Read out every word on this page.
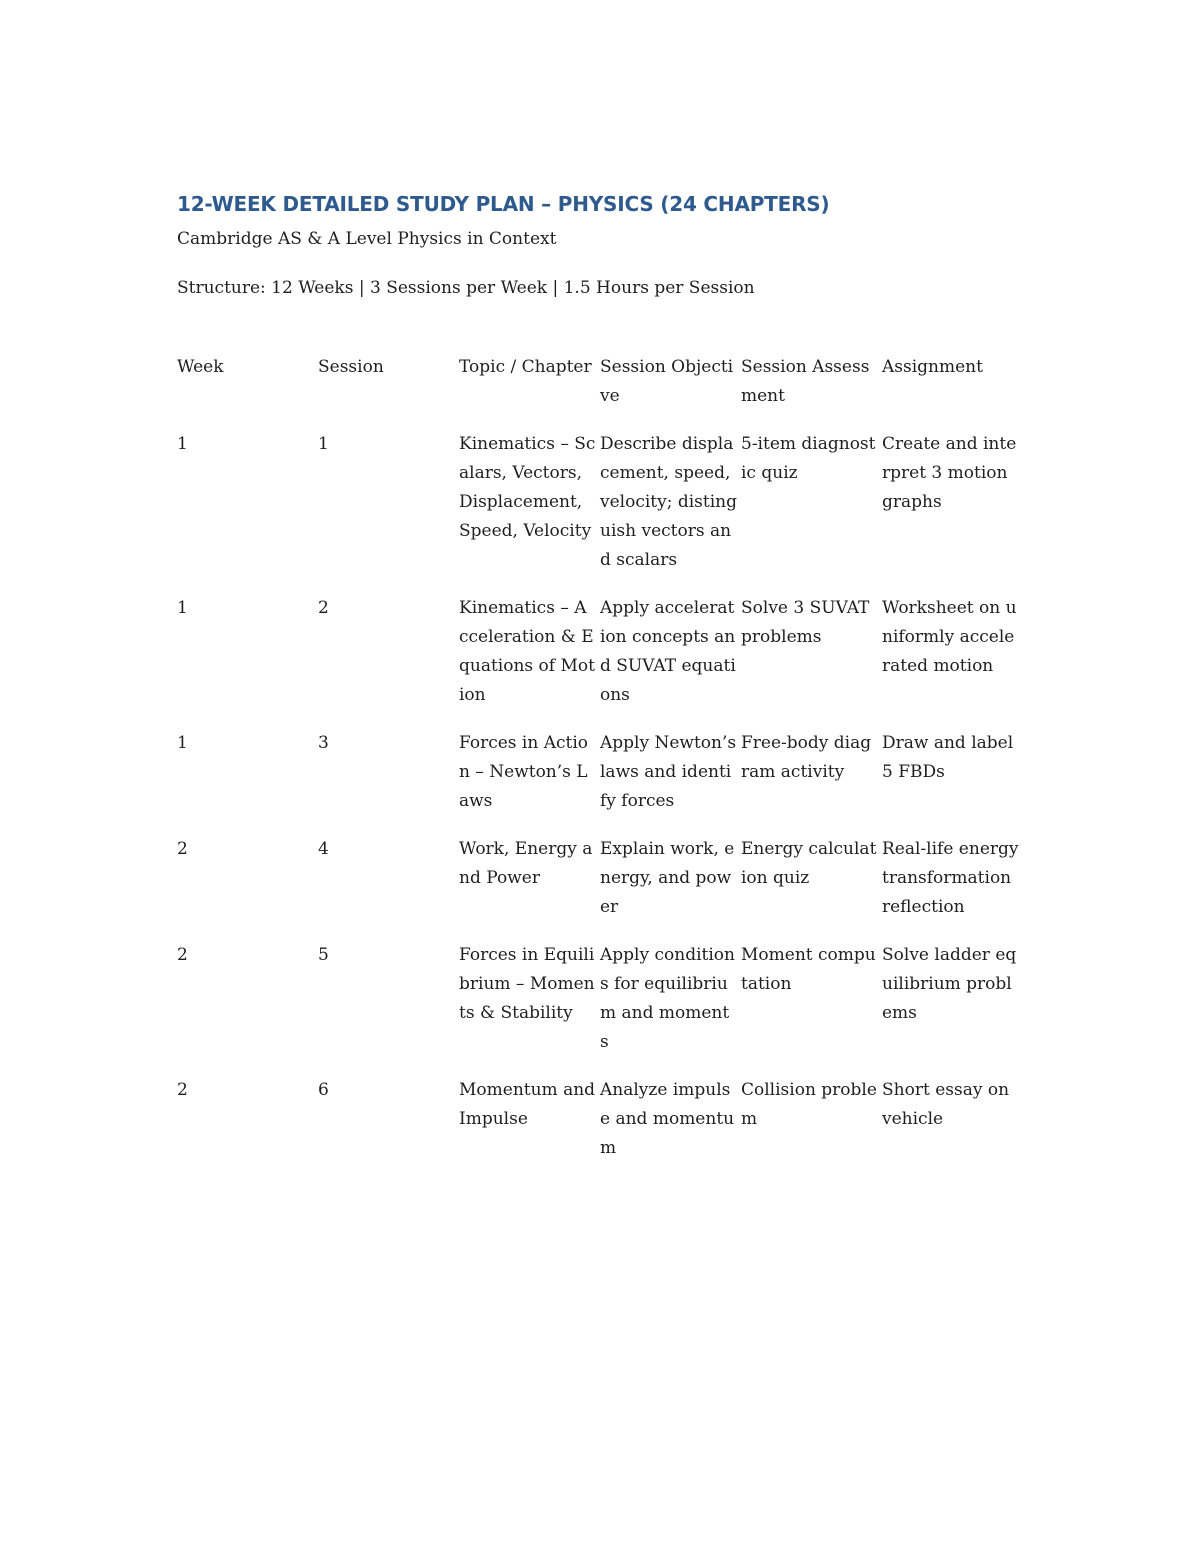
12-WEEK DETAILED STUDY PLAN – PHYSICS (24 CHAPTERS)
Cambridge AS & A Level Physics in Context
Structure: 12 Weeks | 3 Sessions per Week | 1.5 Hours per Session
Week	Session	Topic / Chapter	Session Objective	Session Assessment	Assignment
1	1	Kinematics – Scalars, Vectors, Displacement, Speed, Velocity	Describe displacement, speed, velocity; distinguish vectors and scalars	5-item diagnostic quiz	Create and interpret 3 motion graphs
1	2	Kinematics – Acceleration & Equations of Motion	Apply acceleration concepts and SUVAT equations	Solve 3 SUVAT problems	Worksheet on uniformly accelerated motion
1	3	Forces in Action – Newton’s Laws	Apply Newton’s laws and identify forces	Free-body diagram activity	Draw and label 5 FBDs
2	4	Work, Energy and Power	Explain work, energy, and power	Energy calculation quiz	Real-life energy transformation reflection
2	5	Forces in Equilibrium – Moments & Stability	Apply conditions for equilibrium and moments	Moment computation	Solve ladder equilibrium problems
2	6	Momentum and Impulse	Analyze impulse and momentum	Collision problem	Short essay on vehicle
